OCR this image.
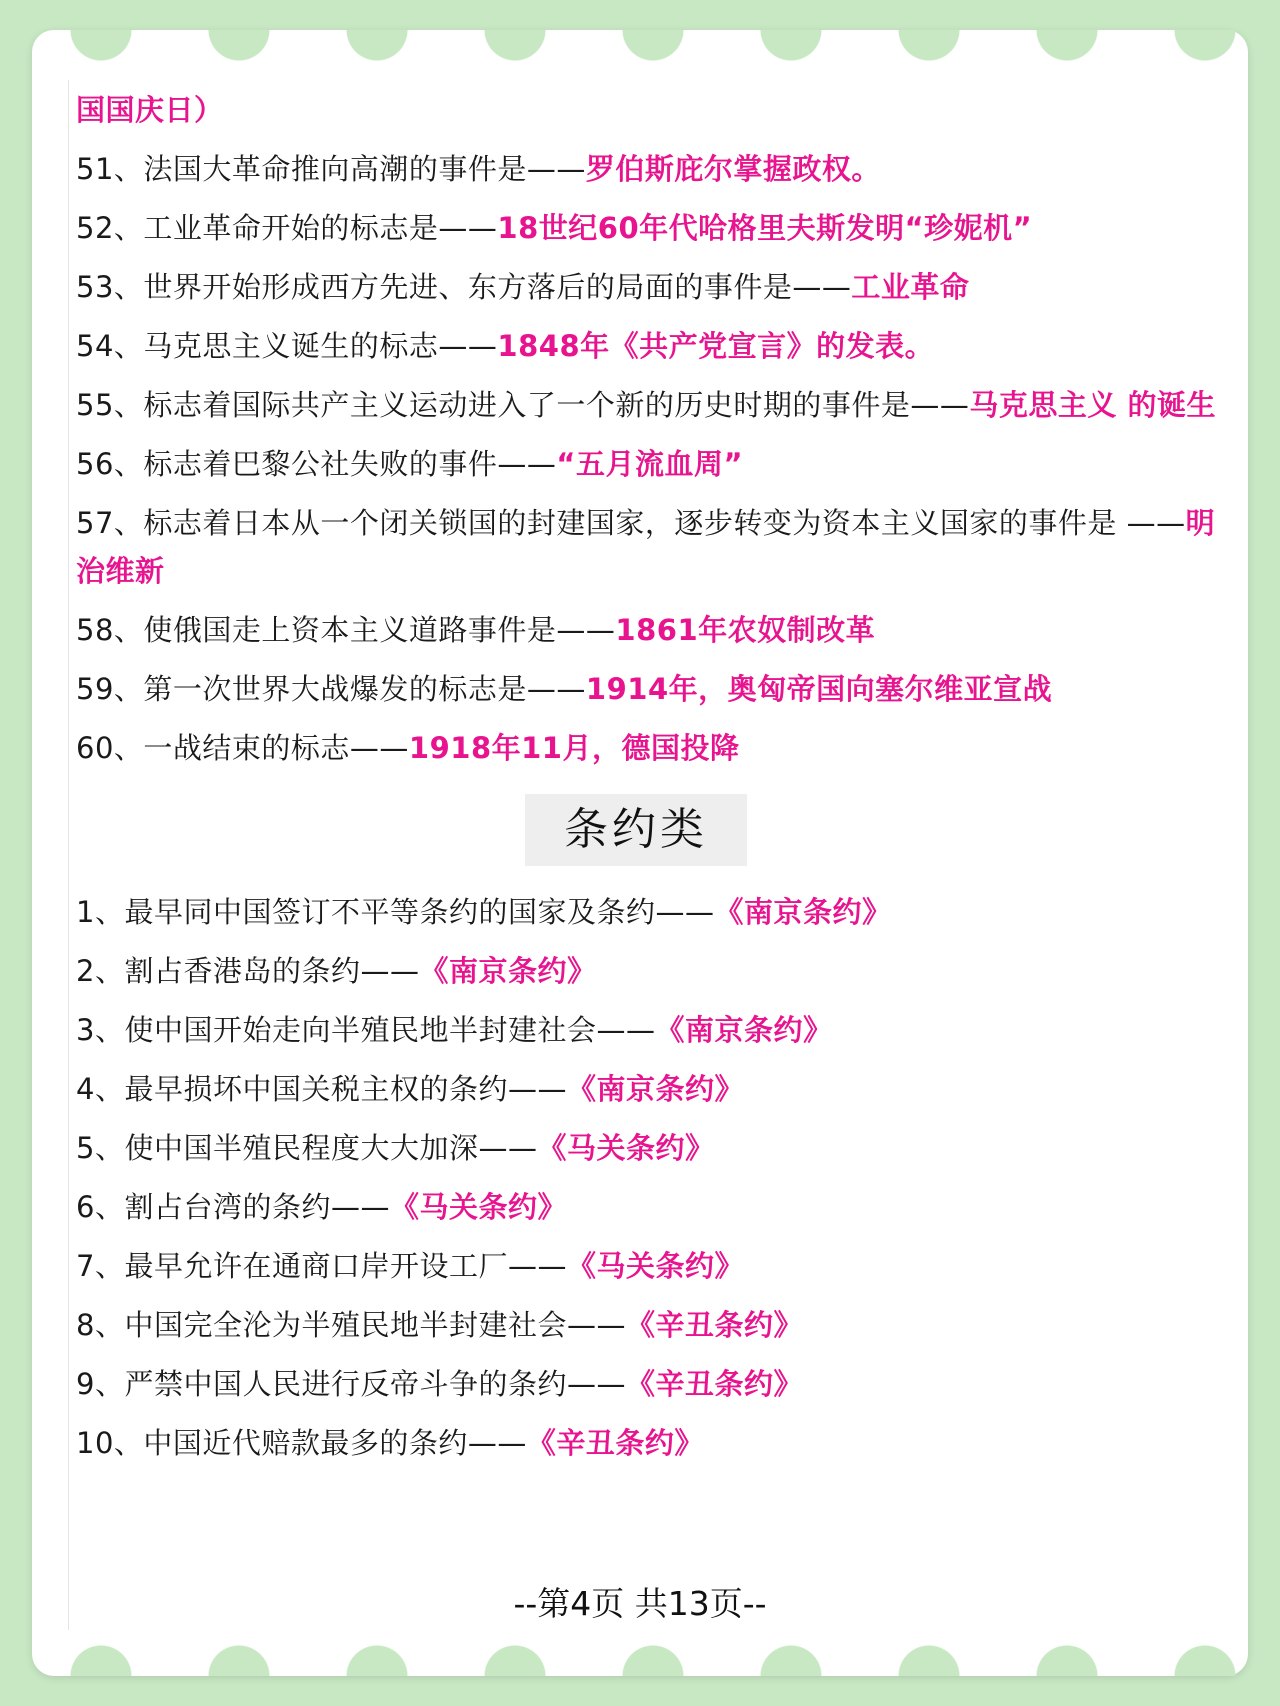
国国庆日）
51、法国大革命推向高潮的事件是——罗伯斯庇尔掌握政权。
52、工业革命开始的标志是——18世纪60年代哈格里夫斯发明“珍妮机”
53、世界开始形成西方先进、东方落后的局面的事件是——工业革命
54、马克思主义诞生的标志——1848年《共产党宣言》的发表。
55、标志着国际共产主义运动进入了一个新的历史时期的事件是——马克思主义 的诞生
56、标志着巴黎公社失败的事件——“五月流血周”
57、标志着日本从一个闭关锁国的封建国家，逐步转变为资本主义国家的事件是 ——明治维新
58、使俄国走上资本主义道路事件是——1861年农奴制改革
59、第一次世界大战爆发的标志是——1914年，奥匈帝国向塞尔维亚宣战
60、一战结束的标志——1918年11月，德国投降
条约类
1、最早同中国签订不平等条约的国家及条约——《南京条约》
2、割占香港岛的条约——《南京条约》
3、使中国开始走向半殖民地半封建社会——《南京条约》
4、最早损坏中国关税主权的条约——《南京条约》
5、使中国半殖民程度大大加深——《马关条约》
6、割占台湾的条约——《马关条约》
7、最早允许在通商口岸开设工厂——《马关条约》
8、中国完全沦为半殖民地半封建社会——《辛丑条约》
9、严禁中国人民进行反帝斗争的条约——《辛丑条约》
10、中国近代赔款最多的条约——《辛丑条约》
--第4页 共13页--
